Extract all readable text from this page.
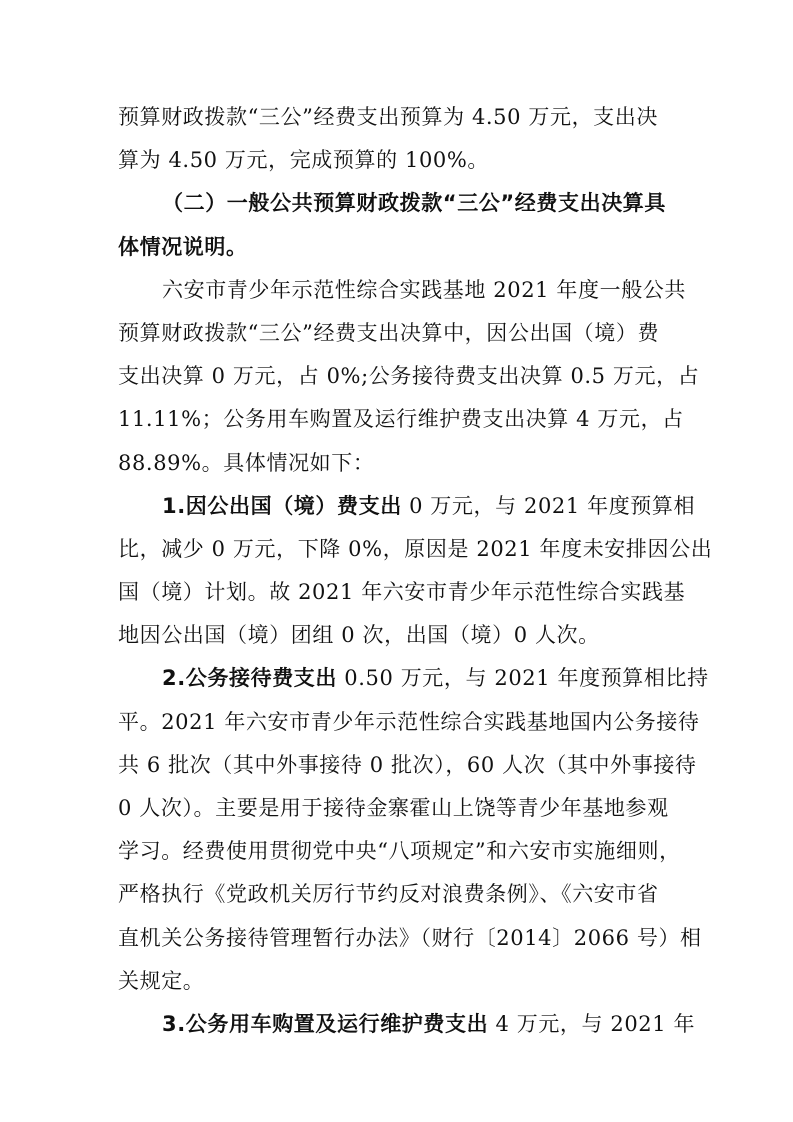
预算财政拨款“三公”经费支出预算为 4.50 万元，支出决
算为 4.50 万元，完成预算的 100%。
（二）一般公共预算财政拨款“三公”经费支出决算具
体情况说明。
六安市青少年示范性综合实践基地 2021 年度一般公共
预算财政拨款“三公”经费支出决算中，因公出国（境）费
支出决算 0 万元，占 0%;公务接待费支出决算 0.5 万元，占
11.11%；公务用车购置及运行维护费支出决算 4 万元，占
88.89%。具体情况如下：
1.因公出国（境）费支出 0 万元，与 2021 年度预算相
比，减少 0 万元，下降 0%，原因是 2021 年度未安排因公出
国（境）计划。故 2021 年六安市青少年示范性综合实践基
地因公出国（境）团组 0 次，出国（境）0 人次。
2.公务接待费支出 0.50 万元，与 2021 年度预算相比持
平。2021 年六安市青少年示范性综合实践基地国内公务接待
共 6 批次（其中外事接待 0 批次），60 人次（其中外事接待
0 人次）。主要是用于接待金寨霍山上饶等青少年基地参观
学习。经费使用贯彻党中央“八项规定”和六安市实施细则，
严格执行《党政机关厉行节约反对浪费条例》、《六安市省
直机关公务接待管理暂行办法》（财行〔2014〕2066 号）相
关规定。
3.公务用车购置及运行维护费支出 4 万元，与 2021 年
